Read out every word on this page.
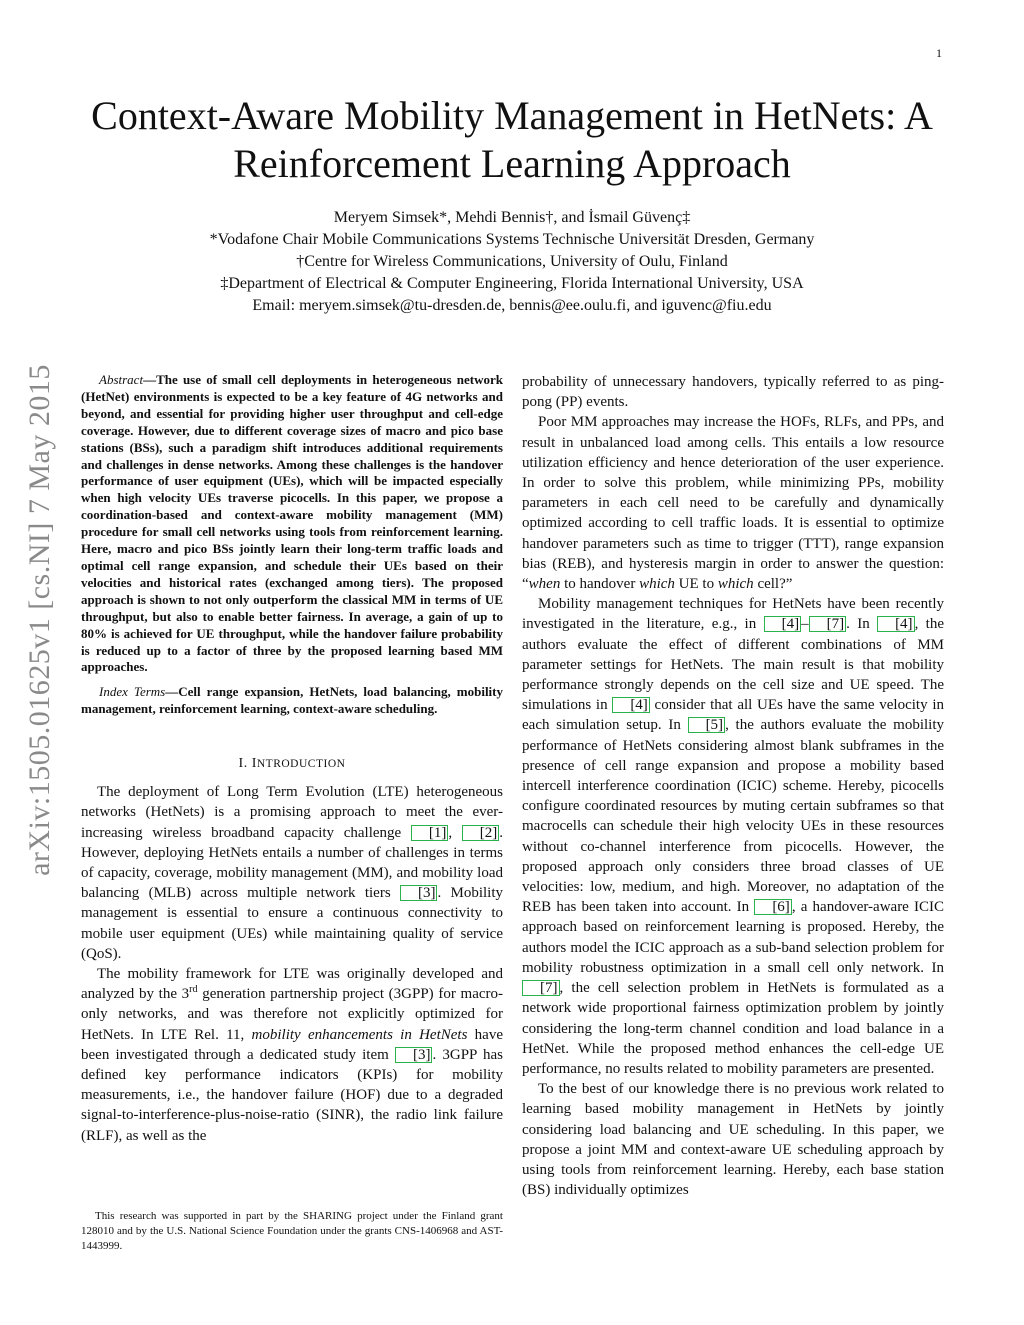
1
arXiv:1505.01625v1 [cs.NI] 7 May 2015
Context-Aware Mobility Management in HetNets: A
Reinforcement Learning Approach
Meryem Simsek*, Mehdi Bennis†, and İsmail Güvenç‡
*Vodafone Chair Mobile Communications Systems Technische Universität Dresden, Germany
†Centre for Wireless Communications, University of Oulu, Finland
‡Department of Electrical & Computer Engineering, Florida International University, USA
Email: meryem.simsek@tu-dresden.de, bennis@ee.oulu.fi, and iguvenc@fiu.edu

Abstract—The use of small cell deployments in heterogeneous network (HetNet) environments is expected to be a key feature of 4G networks and beyond, and essential for providing higher user throughput and cell-edge coverage. However, due to different coverage sizes of macro and pico base stations (BSs), such a paradigm shift introduces additional requirements and challenges in dense networks. Among these challenges is the handover performance of user equipment (UEs), which will be impacted especially when high velocity UEs traverse picocells. In this paper, we propose a coordination-based and context-aware mobility management (MM) procedure for small cell networks using tools from reinforcement learning. Here, macro and pico BSs jointly learn their long-term traffic loads and optimal cell range expansion, and schedule their UEs based on their velocities and historical rates (exchanged among tiers). The proposed approach is shown to not only outperform the classical MM in terms of UE throughput, but also to enable better fairness. In average, a gain of up to 80% is achieved for UE throughput, while the handover failure probability is reduced up to a factor of three by the proposed learning based MM approaches.

Index Terms—Cell range expansion, HetNets, load balancing, mobility management, reinforcement learning, context-aware scheduling.

I. INTRODUCTION

The deployment of Long Term Evolution (LTE) heterogeneous networks (HetNets) is a promising approach to meet the ever-increasing wireless broadband capacity challenge [1] , [2] . However, deploying HetNets entails a number of challenges in terms of capacity, coverage, mobility management (MM), and mobility load balancing (MLB) across multiple network tiers [3] . Mobility management is essential to ensure a continuous connectivity to mobile user equipment (UEs) while maintaining quality of service (QoS).

The mobility framework for LTE was originally developed and analyzed by the 3rd generation partnership project (3GPP) for macro-only networks, and was therefore not explicitly optimized for HetNets. In LTE Rel. 11, mobility enhancements in HetNets have been investigated through a dedicated study item [3] . 3GPP has defined key performance indicators (KPIs) for mobility measurements, i.e., the handover failure (HOF) due to a degraded signal-to-interference-plus-noise-ratio (SINR), the radio link failure (RLF), as well as the

This research was supported in part by the SHARING project under the Finland grant 128010 and by the U.S. National Science Foundation under the grants CNS-1406968 and AST-1443999.

probability of unnecessary handovers, typically referred to as ping-pong (PP) events.

Poor MM approaches may increase the HOFs, RLFs, and PPs, and result in unbalanced load among cells. This entails a low resource utilization efficiency and hence deterioration of the user experience. In order to solve this problem, while minimizing PPs, mobility parameters in each cell need to be carefully and dynamically optimized according to cell traffic loads. It is essential to optimize handover parameters such as time to trigger (TTT), range expansion bias (REB), and hysteresis margin in order to answer the question: “when to handover which UE to which cell?”

Mobility management techniques for HetNets have been recently investigated in the literature, e.g., in [4] – [7] . In [4] , the authors evaluate the effect of different combinations of MM parameter settings for HetNets. The main result is that mobility performance strongly depends on the cell size and UE speed. The simulations in [4] consider that all UEs have the same velocity in each simulation setup. In [5] , the authors evaluate the mobility performance of HetNets considering almost blank subframes in the presence of cell range expansion and propose a mobility based intercell interference coordination (ICIC) scheme. Hereby, picocells configure coordinated resources by muting certain subframes so that macrocells can schedule their high velocity UEs in these resources without co-channel interference from picocells. However, the proposed approach only considers three broad classes of UE velocities: low, medium, and high. Moreover, no adaptation of the REB has been taken into account. In [6] , a handover-aware ICIC approach based on reinforcement learning is proposed. Hereby, the authors model the ICIC approach as a sub-band selection problem for mobility robustness optimization in a small cell only network. In [7] , the cell selection problem in HetNets is formulated as a network wide proportional fairness optimization problem by jointly considering the long-term channel condition and load balance in a HetNet. While the proposed method enhances the cell-edge UE performance, no results related to mobility parameters are presented.

To the best of our knowledge there is no previous work related to learning based mobility management in HetNets by jointly considering load balancing and UE scheduling. In this paper, we propose a joint MM and context-aware UE scheduling approach by using tools from reinforcement learning. Hereby, each base station (BS) individually optimizes
